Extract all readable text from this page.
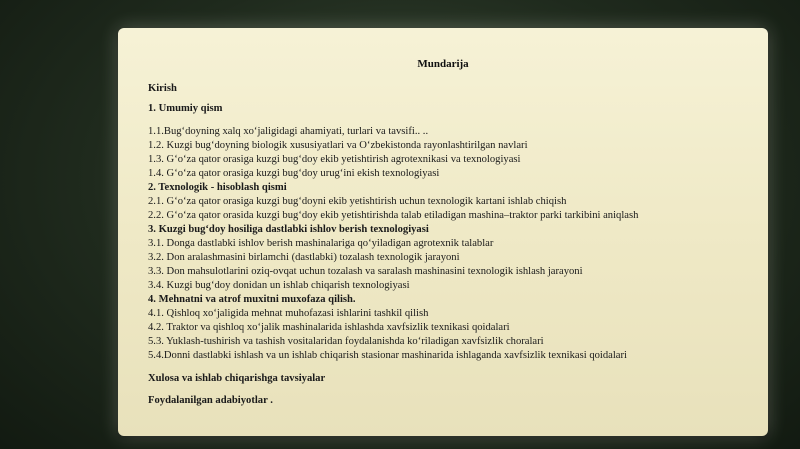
Mundarija
Kirish
1. Umumiy qism
1.1.Bug‘doyning xalq xo‘jaligidagi ahamiyati, turlari va tavsifi.. ..
1.2. Kuzgi bug‘doyning biologik xususiyatlari va O‘zbekistonda rayonlashtirilgan navlari
1.3. G‘o‘za qator orasiga kuzgi bug‘doy ekib yetishtirish agrotexnikasi va texnologiyasi
1.4. G‘o‘za qator orasiga kuzgi bug‘doy urug‘ini ekish texnologiyasi
2. Texnologik - hisoblash qismi
2.1. G‘o‘za qator orasiga kuzgi bug‘doyni ekib yetishtirish uchun texnologik kartani ishlab chiqish
2.2. G‘o‘za qator orasida kuzgi bug‘doy ekib yetishtirishda talab etiladigan mashina–traktor parki tarkibini aniqlash
3. Kuzgi bug‘doy hosiliga dastlabki ishlov berish texnologiyasi
3.1. Donga dastlabki ishlov berish mashinalariga qo‘yiladigan agrotexnik talablar
3.2. Don aralashmasini birlamchi (dastlabki) tozalash texnologik jarayoni
3.3. Don mahsulotlarini oziq-ovqat uchun tozalash va saralash mashinasini texnologik ishlash jarayoni
3.4. Kuzgi bug‘doy donidan un ishlab chiqarish texnologiyasi
4. Mehnatni va atrof muxitni muxofaza qilish.
4.1. Qishloq xo‘jaligida mehnat muhofazasi ishlarini tashkil qilish
4.2. Traktor va qishloq xo‘jalik mashinalarida ishlashda xavfsizlik texnikasi qoidalari
5.3. Yuklash-tushirish va tashish vositalaridan foydalanishda ko‘riladigan xavfsizlik choralari
5.4.Donni dastlabki ishlash va un ishlab chiqarish stasionar mashinarida ishlaganda xavfsizlik texnikasi qoidalari
Xulosa va ishlab chiqarishga tavsiyalar
Foydalanilgan adabiyotlar .
